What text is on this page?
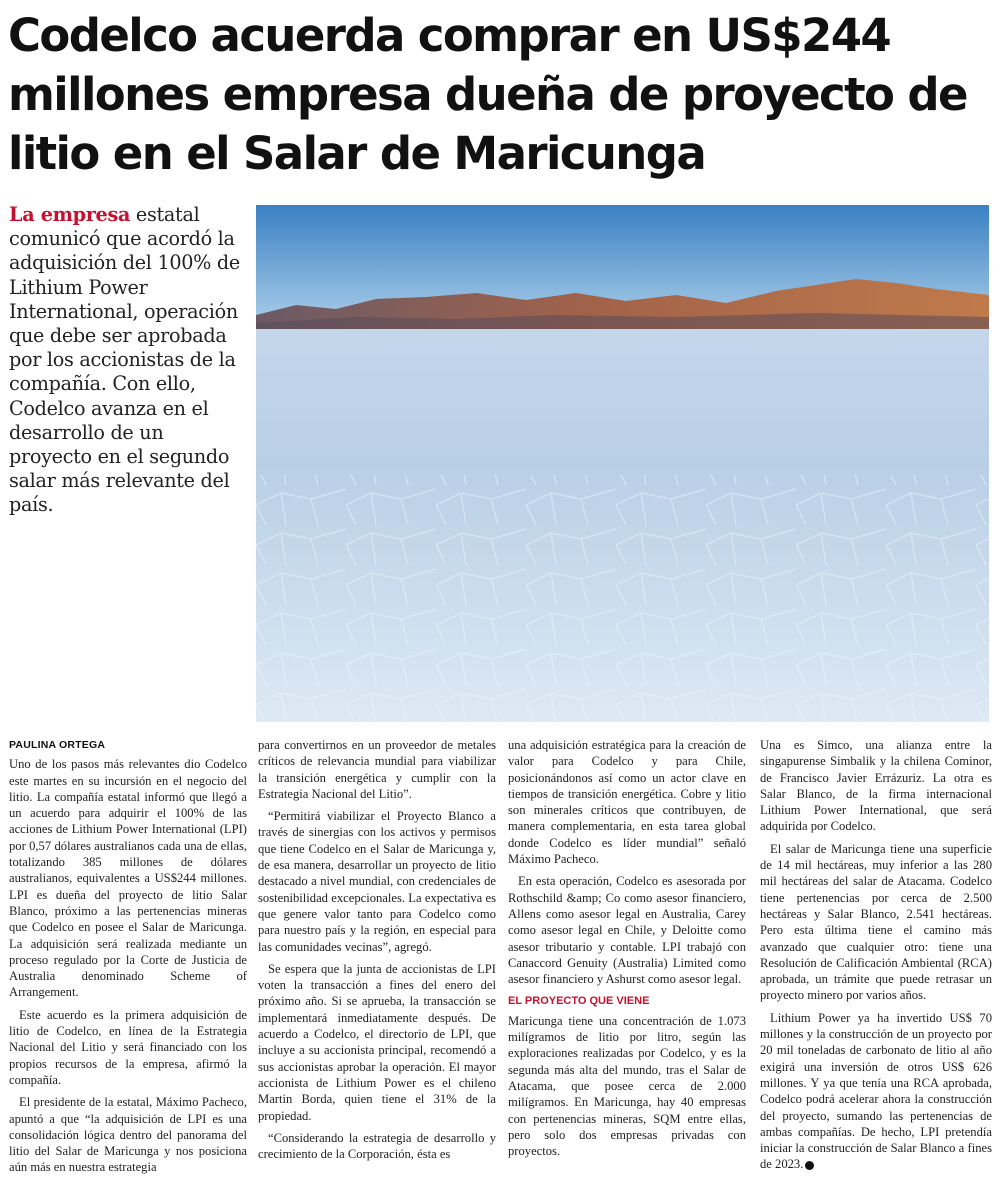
Codelco acuerda comprar en US$244 millones empresa dueña de proyecto de litio en el Salar de Maricunga

La empresa estatal comunicó que acordó la adquisición del 100% de Lithium Power International, operación que debe ser aprobada por los accionistas de la compañía. Con ello, Codelco avanza en el desarrollo de un proyecto en el segundo salar más relevante del país.

PAULINA ORTEGA

Uno de los pasos más relevantes dio Codelco este martes en su incursión en el negocio del litio. La compañía estatal informó que llegó a un acuerdo para adquirir el 100% de las acciones de Lithium Power International (LPI) por 0,57 dólares australianos cada una de ellas, totalizando 385 millones de dólares australianos, equivalentes a US$244 millones. LPI es dueña del proyecto de litio Salar Blanco, próximo a las pertenencias mineras que Codelco en posee el Salar de Maricunga. La adquisición será realizada mediante un proceso regulado por la Corte de Justicia de Australia denominado Scheme of Arrangement.

Este acuerdo es la primera adquisición de litio de Codelco, en línea de la Estrategia Nacional del Litio y será financiado con los propios recursos de la empresa, afirmó la compañía.

El presidente de la estatal, Máximo Pacheco, apuntó a que “la adquisición de LPI es una consolidación lógica dentro del panorama del litio del Salar de Maricunga y nos posiciona aún más en nuestra estrategia

para convertirnos en un proveedor de metales críticos de relevancia mundial para viabilizar la transición energética y cumplir con la Estrategia Nacional del Litio”.

“Permitirá viabilizar el Proyecto Blanco a través de sinergias con los activos y permisos que tiene Codelco en el Salar de Maricunga y, de esa manera, desarrollar un proyecto de litio destacado a nivel mundial, con credenciales de sostenibilidad excepcionales. La expectativa es que genere valor tanto para Codelco como para nuestro país y la región, en especial para las comunidades vecinas”, agregó.

Se espera que la junta de accionistas de LPI voten la transacción a fines del enero del próximo año. Si se aprueba, la transacción se implementará inmediatamente después. De acuerdo a Codelco, el directorio de LPI, que incluye a su accionista principal, recomendó a sus accionistas aprobar la operación. El mayor accionista de Lithium Power es el chileno Martin Borda, quien tiene el 31% de la propiedad.

“Considerando la estrategia de desarrollo y crecimiento de la Corporación, ésta es

una adquisición estratégica para la creación de valor para Codelco y para Chile, posicionándonos así como un actor clave en tiempos de transición energética. Cobre y litio son minerales críticos que contribuyen, de manera complementaria, en esta tarea global donde Codelco es líder mundial” señaló Máximo Pacheco.

En esta operación, Codelco es asesorada por Rothschild &amp; Co como asesor financiero, Allens como asesor legal en Australia, Carey como asesor legal en Chile, y Deloitte como asesor tributario y contable. LPI trabajó con Canaccord Genuity (Australia) Limited como asesor financiero y Ashurst como asesor legal.

EL PROYECTO QUE VIENE

Maricunga tiene una concentración de 1.073 milígramos de litio por litro, según las exploraciones realizadas por Codelco, y es la segunda más alta del mundo, tras el Salar de Atacama, que posee cerca de 2.000 milígramos. En Maricunga, hay 40 empresas con pertenencias mineras, SQM entre ellas, pero solo dos empresas privadas con proyectos.

Una es Simco, una alianza entre la singapurense Simbalik y la chilena Cominor, de Francisco Javier Errázuriz. La otra es Salar Blanco, de la firma internacional Lithium Power International, que será adquirida por Codelco.

El salar de Maricunga tiene una superficie de 14 mil hectáreas, muy inferior a las 280 mil hectáreas del salar de Atacama. Codelco tiene pertenencias por cerca de 2.500 hectáreas y Salar Blanco, 2.541 hectáreas. Pero esta última tiene el camino más avanzado que cualquier otro: tiene una Resolución de Calificación Ambiental (RCA) aprobada, un trámite que puede retrasar un proyecto minero por varios años.

Lithium Power ya ha invertido US$ 70 millones y la construcción de un proyecto por 20 mil toneladas de carbonato de litio al año exigirá una inversión de otros US$ 626 millones. Y ya que tenía una RCA aprobada, Codelco podrá acelerar ahora la construcción del proyecto, sumando las pertenencias de ambas compañías. De hecho, LPI pretendía iniciar la construcción de Salar Blanco a fines de 2023. P
